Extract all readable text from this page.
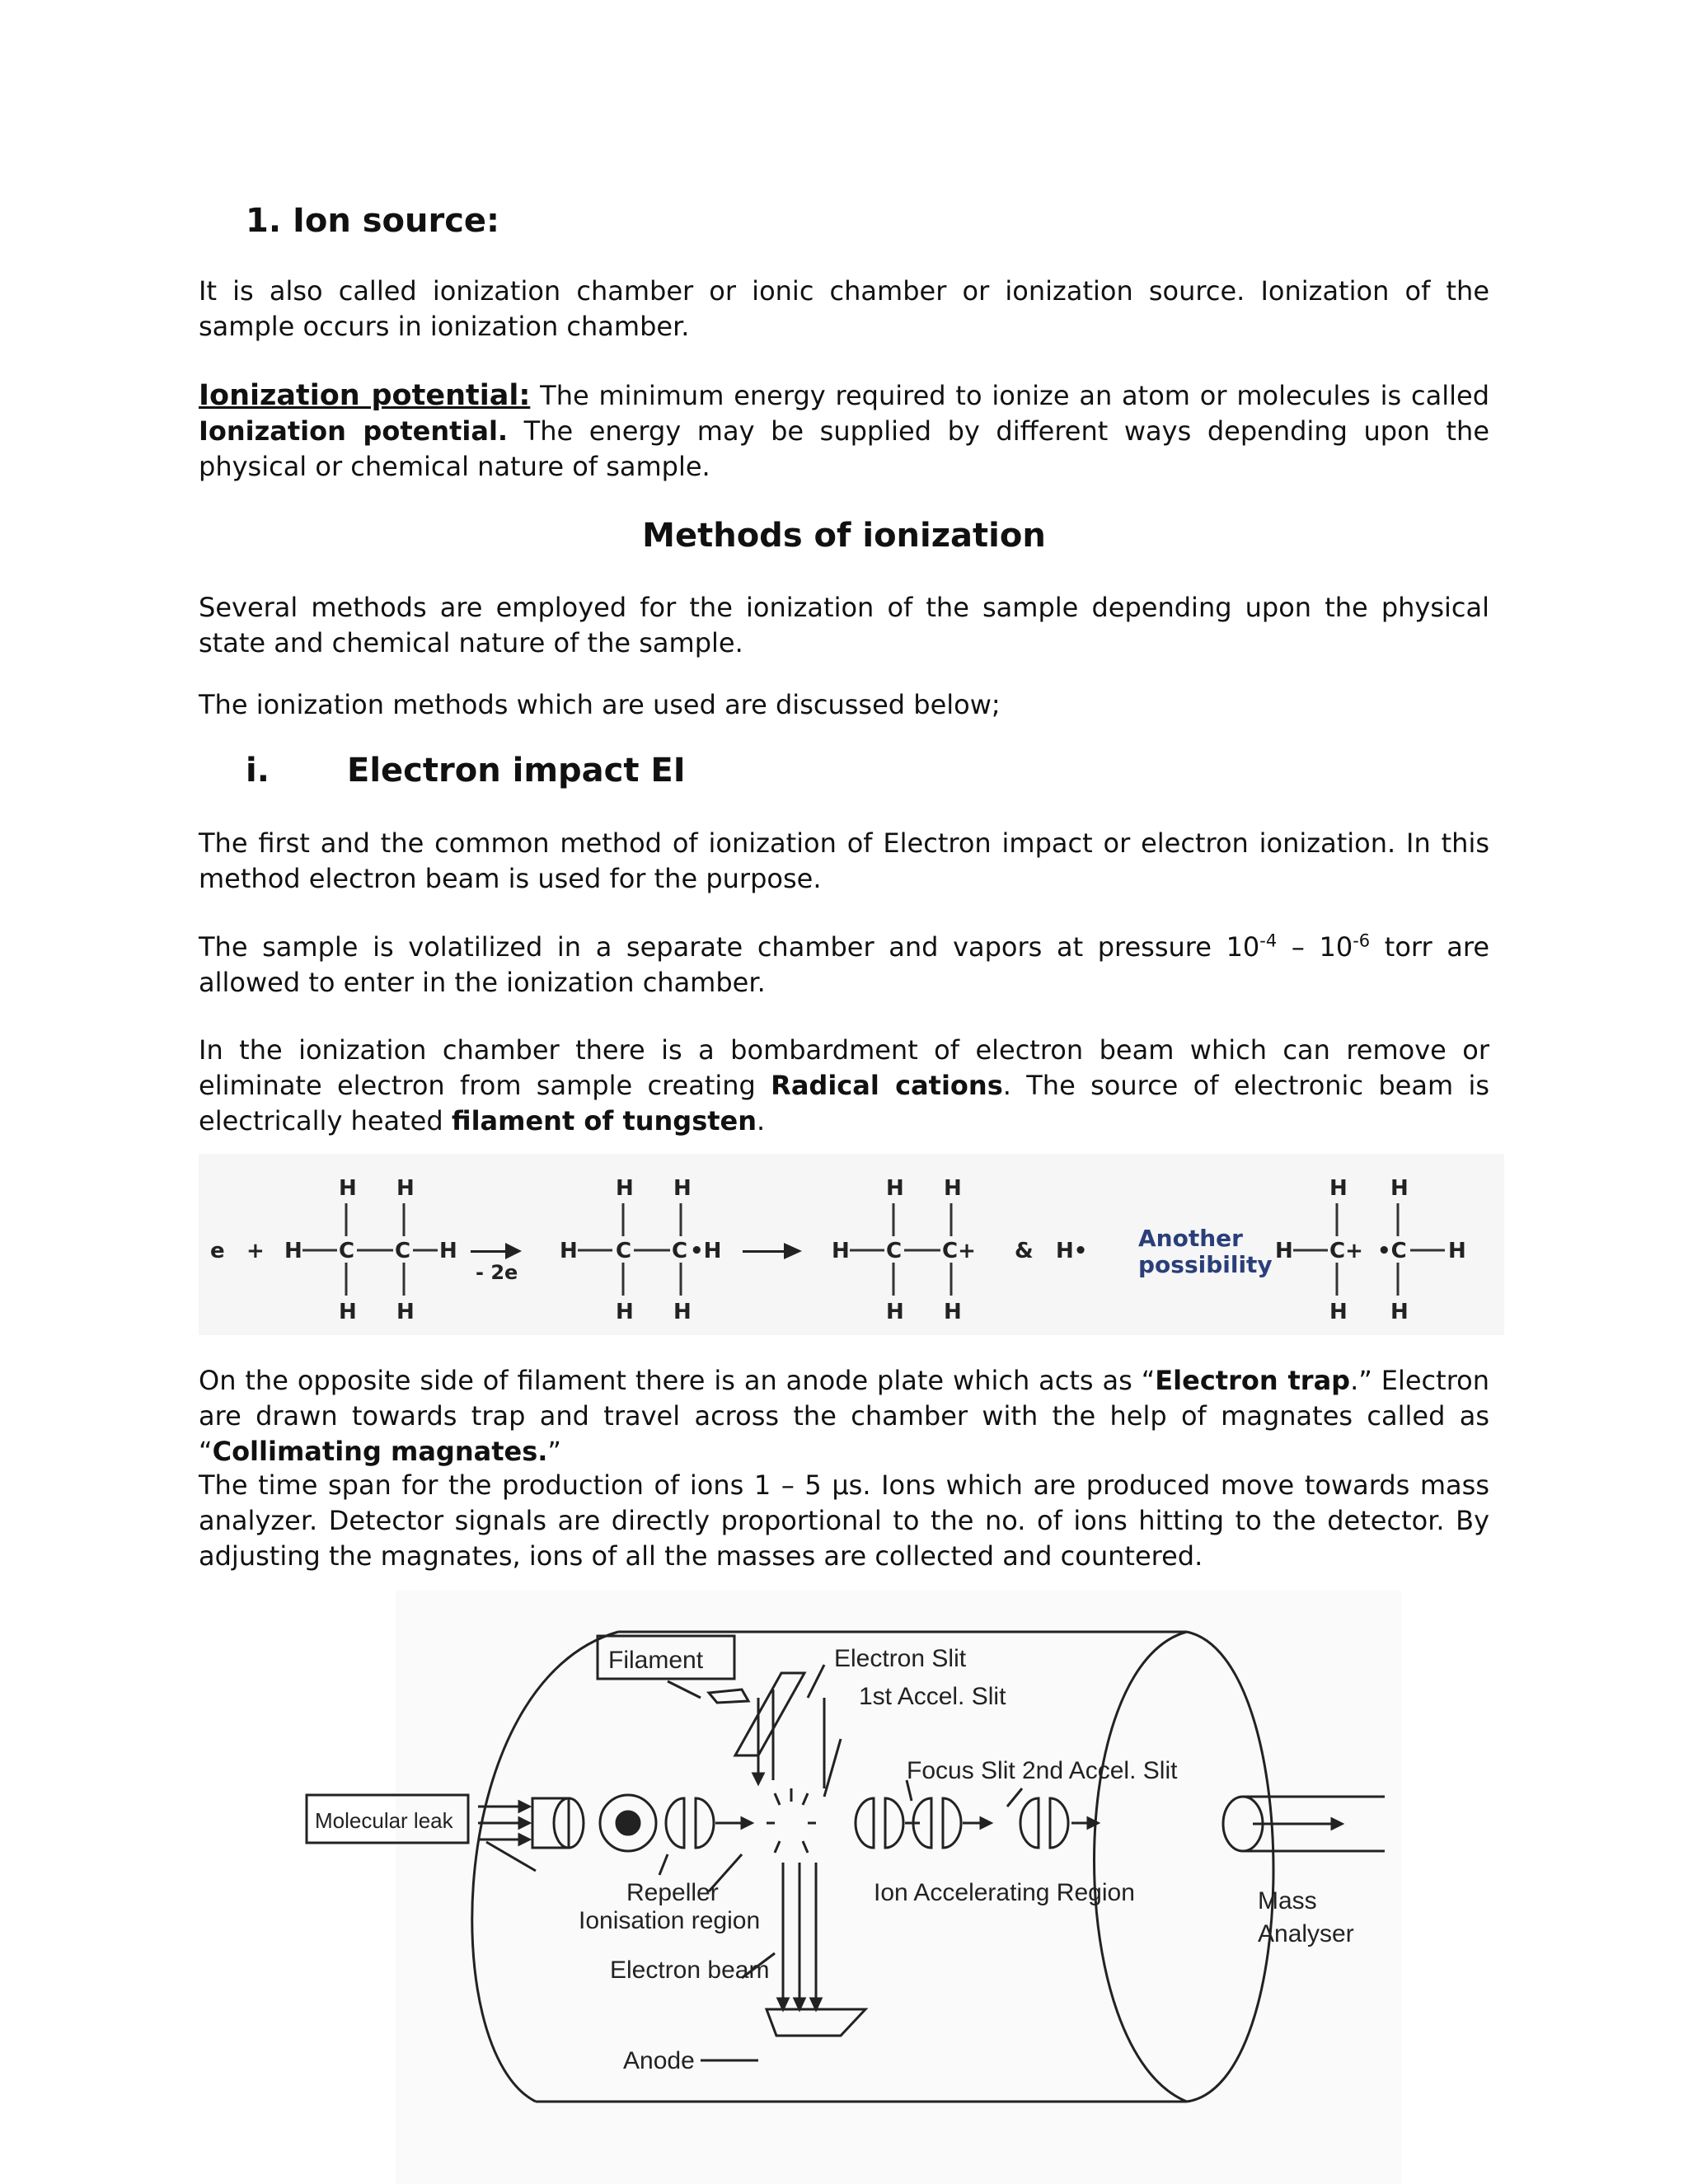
1. Ion source:
It is also called ionization chamber or ionic chamber or ionization source. Ionization of the sample occurs in ionization chamber.
Ionization potential: The minimum energy required to ionize an atom or molecules is called Ionization potential. The energy may be supplied by different ways depending upon the physical or chemical nature of sample.
Methods of ionization
Several methods are employed for the ionization of the sample depending upon the physical state and chemical nature of the sample.
The ionization methods which are used are discussed below;
i. Electron impact EI
The first and the common method of ionization of Electron impact or electron ionization. In this method electron beam is used for the purpose.
The sample is volatilized in a separate chamber and vapors at pressure $10^{-4} - 10^{-6}$ torr are allowed to enter in the ionization chamber.
In the ionization chamber there is a bombardment of electron beam which can remove or eliminate electron from sample creating Radical cations. The source of electronic beam is electrically heated filament of tungsten.
e + H C C H
H H
H H
- 2e
H C C •H
H H
H H
H C C+
H H
H H
& H• Another
possibility H C+ •C H
H H
H H
On the opposite side of filament there is an anode plate which acts as “Electron trap.” Electron are drawn towards trap and travel across the chamber with the help of magnates called as “Collimating magnates.”
The time span for the production of ions 1 – 5 µs. Ions which are produced move towards mass analyzer. Detector signals are directly proportional to the no. of ions hitting to the detector. By adjusting the magnates, ions of all the masses are collected and countered.
Filament	Electron Slit
1st Accel. Slit
Focus Slit 2nd Accel. Slit
Molecular leak
Repeller
Ionisation region
Ion Accelerating Region
Electron beam
Anode
Mass
Analyser
